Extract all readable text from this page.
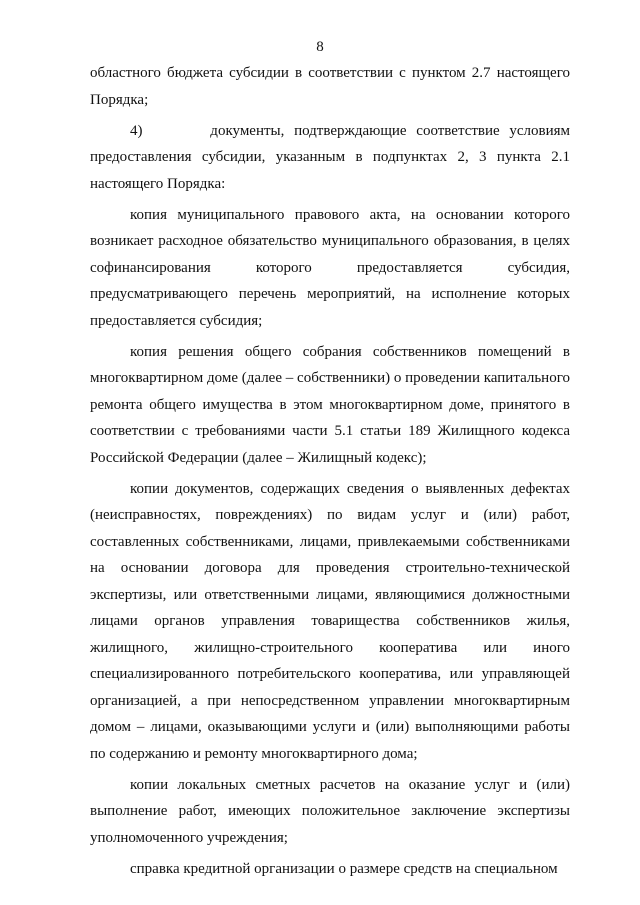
8

областного бюджета субсидии в соответствии с пунктом 2.7 настоящего Порядка;

4)       документы, подтверждающие соответствие условиям предоставления субсидии, указанным в подпунктах 2, 3 пункта 2.1 настоящего Порядка:

копия муниципального правового акта, на основании которого возникает расходное обязательство муниципального образования, в целях софинансирования которого предоставляется субсидия, предусматривающего перечень мероприятий, на исполнение которых предоставляется субсидия;

копия решения общего собрания собственников помещений в многоквартирном доме (далее – собственники) о проведении капитального ремонта общего имущества в этом многоквартирном доме, принятого в соответствии с требованиями части 5.1 статьи 189 Жилищного кодекса Российской Федерации (далее – Жилищный кодекс);

копии документов, содержащих сведения о выявленных дефектах (неисправностях, повреждениях) по видам услуг и (или) работ, составленных собственниками, лицами, привлекаемыми собственниками на основании договора для проведения строительно-технической экспертизы, или ответственными лицами, являющимися должностными лицами органов управления товарищества собственников жилья, жилищного, жилищно-строительного кооператива или иного специализированного потребительского кооператива, или управляющей организацией, а при непосредственном управлении многоквартирным домом – лицами, оказывающими услуги и (или) выполняющими работы по содержанию и ремонту многоквартирного дома;

копии локальных сметных расчетов на оказание услуг и (или) выполнение работ, имеющих положительное заключение экспертизы уполномоченного учреждения;

справка кредитной организации о размере средств на специальном
